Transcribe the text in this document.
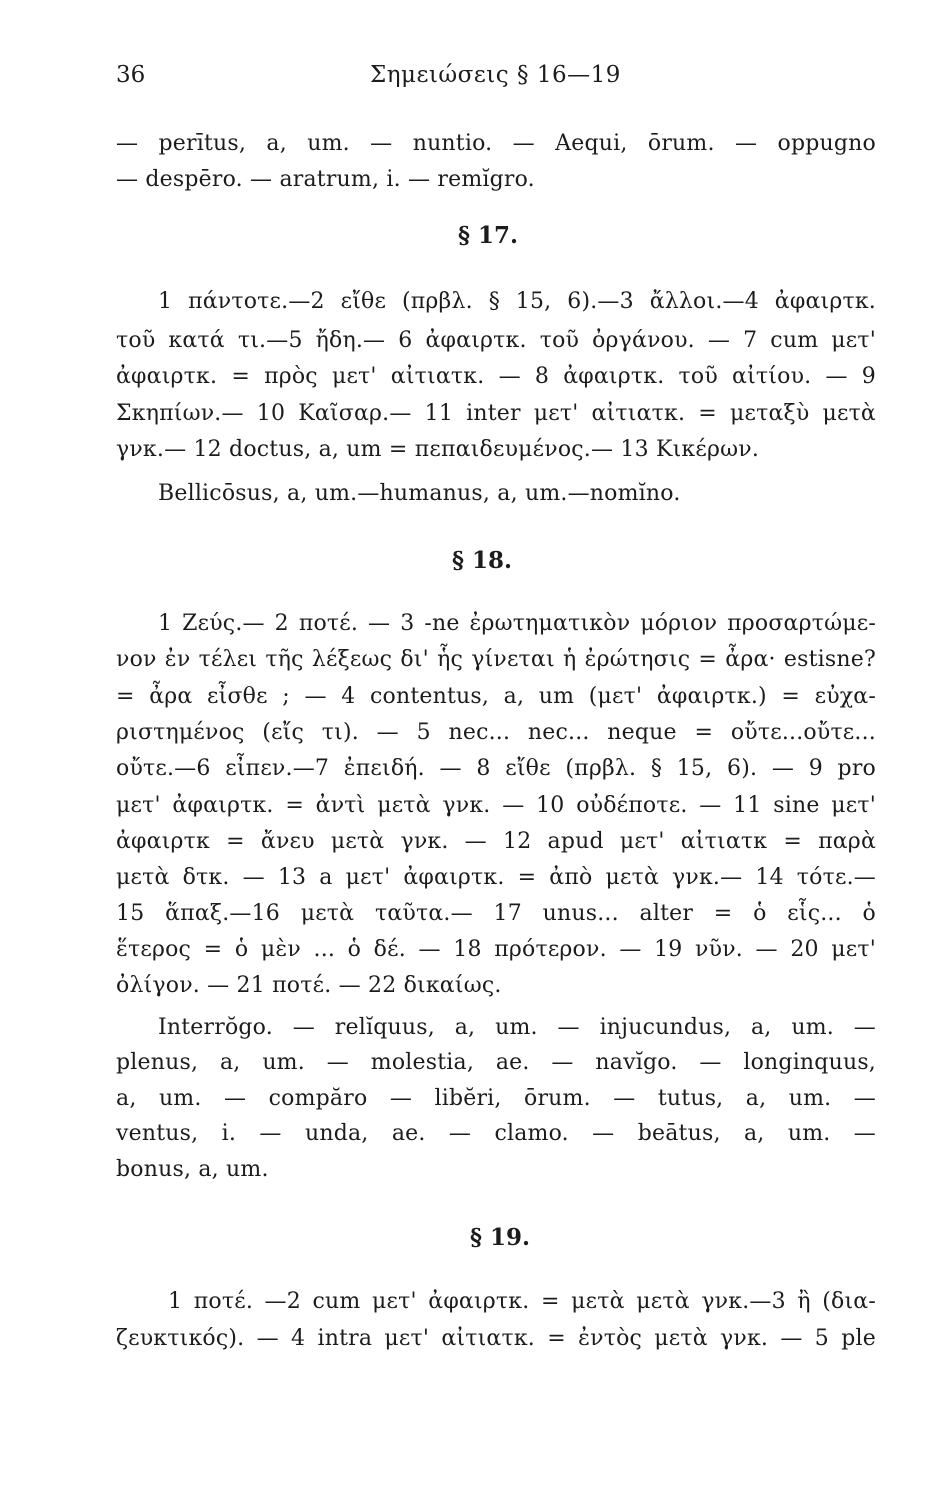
36	Σημειώσεις § 16—19
— perītus, a, um. — nuntio. — Aequi, ōrum. — oppugno
— despēro. — aratrum, i. — remĭgro.
§ 17.
1 πάντοτε.—2 εἴθε (πρβλ. § 15, 6).—3 ἄλλοι.—4 ἀφαιρτκ.
τοῦ κατά τι.—5 ἤδη.— 6 ἀφαιρτκ. τοῦ ὀργάνου. — 7 cum μετ'
ἀφαιρτκ. = πρὸς μετ' αἰτιατκ. — 8 ἀφαιρτκ. τοῦ αἰτίου. — 9
Σκηπίων.— 10 Καῖσαρ.— 11 inter μετ' αἰτιατκ. = μεταξὺ μετὰ
γνκ.— 12 doctus, a, um = πεπαιδευμένος.— 13 Κικέρων.
Bellicōsus, a, um.—humanus, a, um.—nomĭno.
§ 18.
1 Ζεύς.— 2 ποτέ. — 3 -ne ἐρωτηματικὸν μόριον προσαρτώμε-
νον ἐν τέλει τῆς λέξεως δι' ἧς γίνεται ἡ ἐρώτησις = ἆρα· estisne?
= ἆρα εἶσθε ; — 4 contentus, a, um (μετ' ἀφαιρτκ.) = εὐχα-
ριστημένος (εἴς τι). — 5 nec... nec... neque = οὔτε...οὔτε...
οὔτε.—6 εἶπεν.—7 ἐπειδή. — 8 εἴθε (πρβλ. § 15, 6). — 9 pro
μετ' ἀφαιρτκ. = ἀντὶ μετὰ γνκ. — 10 οὐδέποτε. — 11 sine μετ'
ἀφαιρτκ = ἄνευ μετὰ γνκ. — 12 apud μετ' αἰτιατκ = παρὰ
μετὰ δτκ. — 13 a μετ' ἀφαιρτκ. = ἀπὸ μετὰ γνκ.— 14 τότε.—
15 ἅπαξ.—16 μετὰ ταῦτα.— 17 unus... alter = ὁ εἷς... ὁ
ἕτερος = ὁ μὲν ... ὁ δέ. — 18 πρότερον. — 19 νῦν. — 20 μετ'
ὀλίγον. — 21 ποτέ. — 22 δικαίως.
Interrŏgo. — relĭquus, a, um. — injucundus, a, um. —
plenus, a, um. — molestia, ae. — navĭgo. — longinquus,
a, um. — compăro — libĕri, ōrum. — tutus, a, um. —
ventus, i. — unda, ae. — clamo. — beātus, a, um. —
bonus, a, um.
§ 19.
1 ποτέ. —2 cum μετ' ἀφαιρτκ. = μετὰ μετὰ γνκ.—3 ἢ (δια-
ζευκτικός). — 4 intra μετ' αἰτιατκ. = ἐντὸς μετὰ γνκ. — 5 ple
